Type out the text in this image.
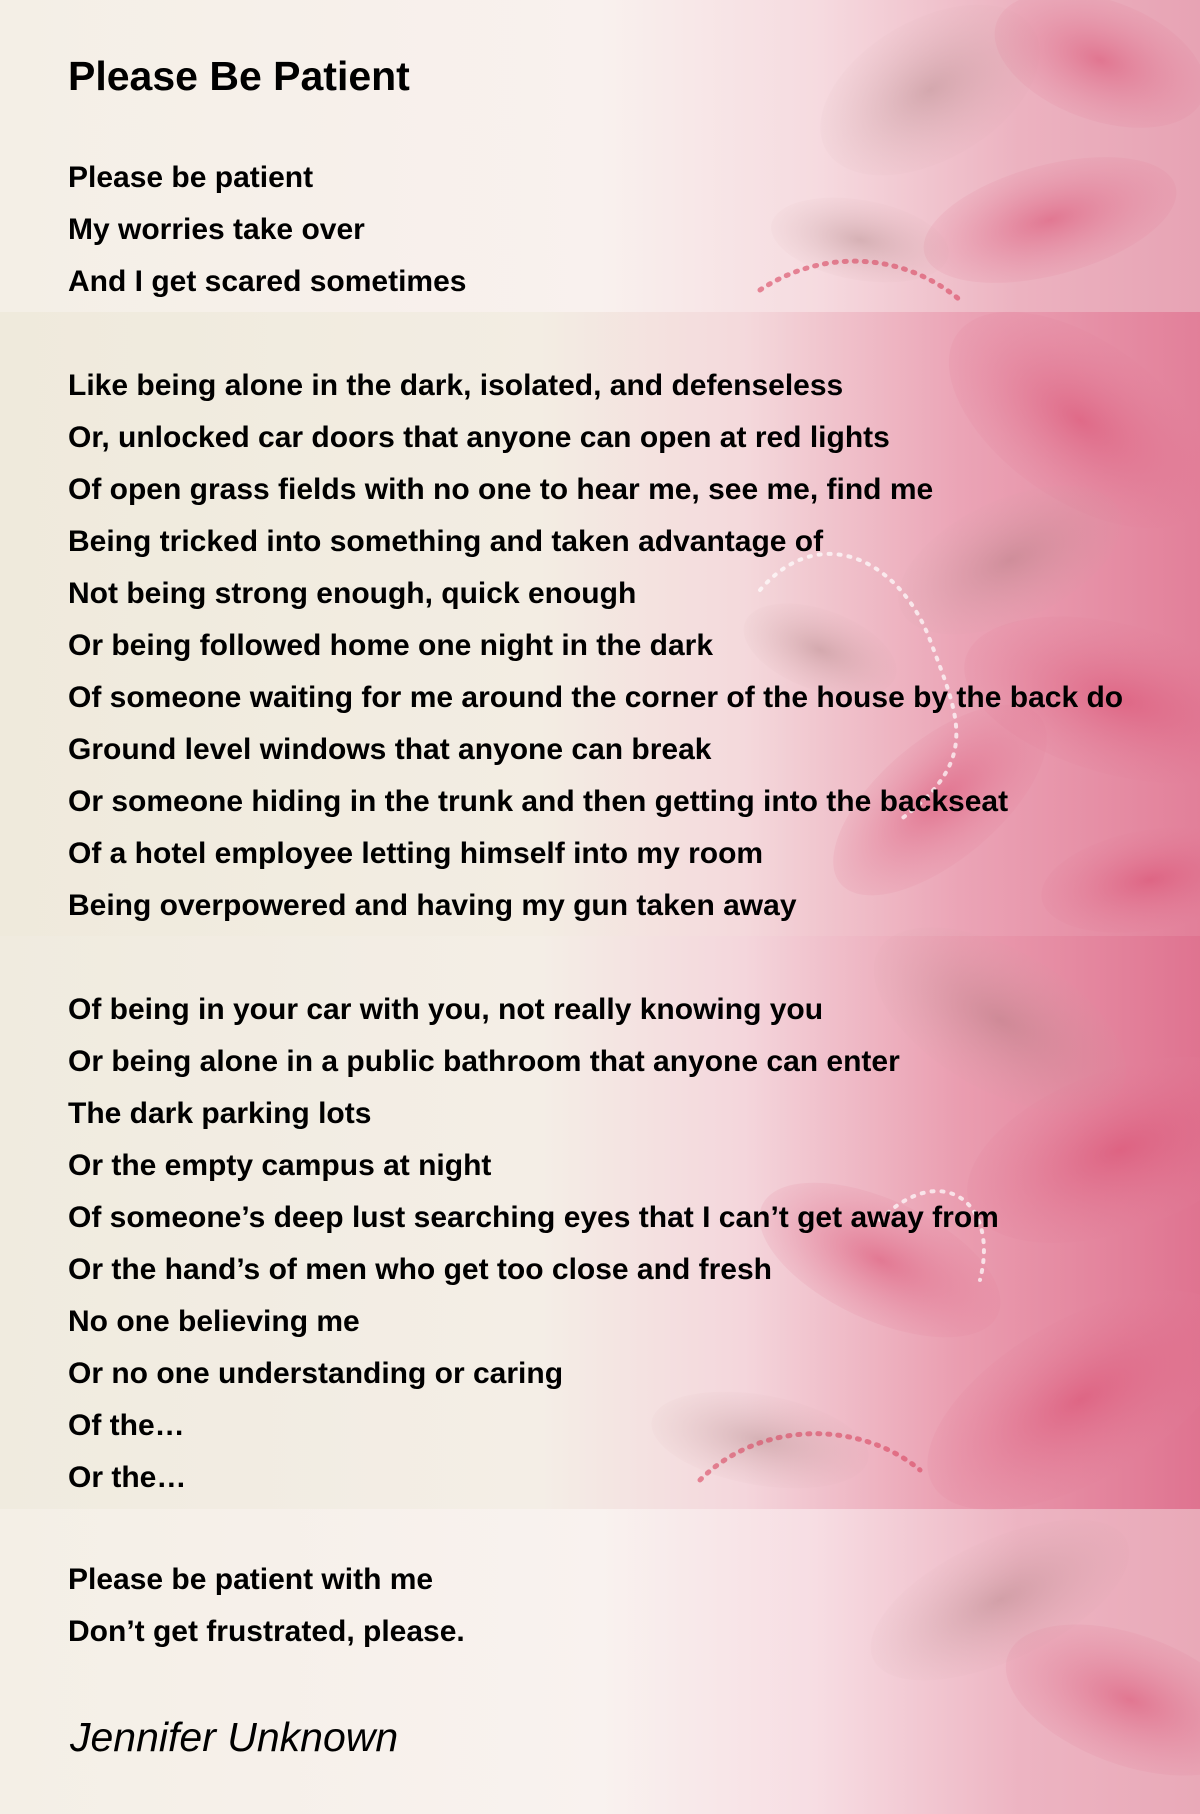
Please Be Patient
Please be patient
My worries take over
And I get scared sometimes
Like being alone in the dark, isolated, and defenseless
Or, unlocked car doors that anyone can open at red lights
Of open grass fields with no one to hear me, see me, find me
Being tricked into something and taken advantage of
Not being strong enough, quick enough
Or being followed home one night in the dark
Of someone waiting for me around the corner of the house by the back do
Ground level windows that anyone can break
Or someone hiding in the trunk and then getting into the backseat
Of a hotel employee letting himself into my room
Being overpowered and having my gun taken away
Of being in your car with you, not really knowing you
Or being alone in a public bathroom that anyone can enter
The dark parking lots
Or the empty campus at night
Of someone’s deep lust searching eyes that I can’t get away from
Or the hand’s of men who get too close and fresh
No one believing me
Or no one understanding or caring
Of the…
Or the…
Please be patient with me
Don’t get frustrated, please.

Jennifer Unknown
